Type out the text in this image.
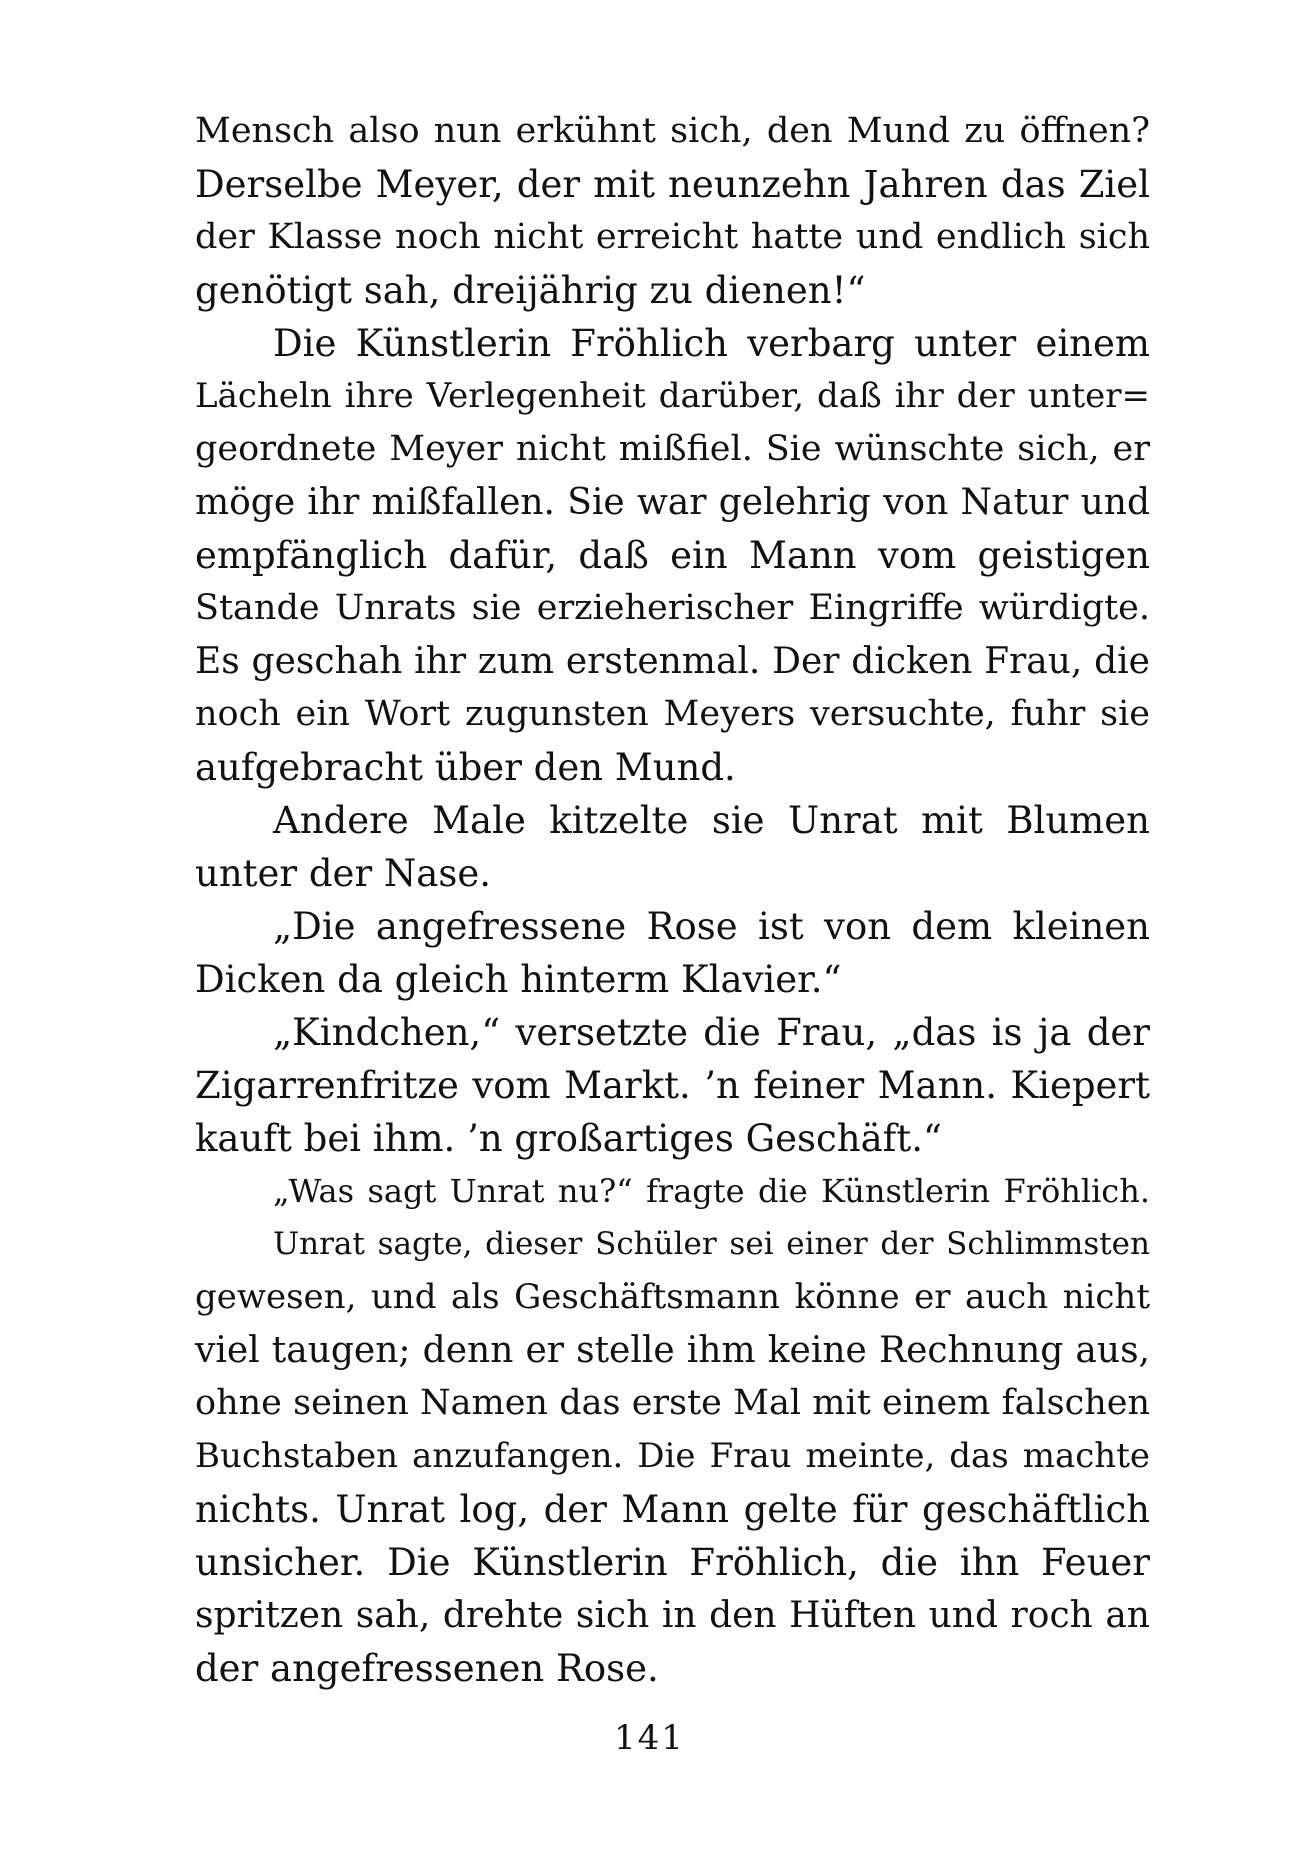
Mensch also nun erkühnt sich, den Mund zu öffnen?
Derselbe Meyer, der mit neunzehn Jahren das Ziel
der Klasse noch nicht erreicht hatte und endlich sich
genötigt sah, dreijährig zu dienen!“
Die Künstlerin Fröhlich verbarg unter einem
Lächeln ihre Verlegenheit darüber, daß ihr der unter=
geordnete Meyer nicht mißfiel. Sie wünschte sich, er
möge ihr mißfallen. Sie war gelehrig von Natur und
empfänglich dafür, daß ein Mann vom geistigen
Stande Unrats sie erzieherischer Eingriffe würdigte.
Es geschah ihr zum erstenmal. Der dicken Frau, die
noch ein Wort zugunsten Meyers versuchte, fuhr sie
aufgebracht über den Mund.
Andere Male kitzelte sie Unrat mit Blumen
unter der Nase.
„Die angefressene Rose ist von dem kleinen
Dicken da gleich hinterm Klavier.“
„Kindchen,“ versetzte die Frau, „das is ja der
Zigarrenfritze vom Markt. ’n feiner Mann. Kiepert
kauft bei ihm. ’n großartiges Geschäft.“
„Was sagt Unrat nu?“ fragte die Künstlerin Fröhlich.
Unrat sagte, dieser Schüler sei einer der Schlimmsten
gewesen, und als Geschäftsmann könne er auch nicht
viel taugen; denn er stelle ihm keine Rechnung aus,
ohne seinen Namen das erste Mal mit einem falschen
Buchstaben anzufangen. Die Frau meinte, das machte
nichts. Unrat log, der Mann gelte für geschäftlich
unsicher. Die Künstlerin Fröhlich, die ihn Feuer
spritzen sah, drehte sich in den Hüften und roch an
der angefressenen Rose.
141
